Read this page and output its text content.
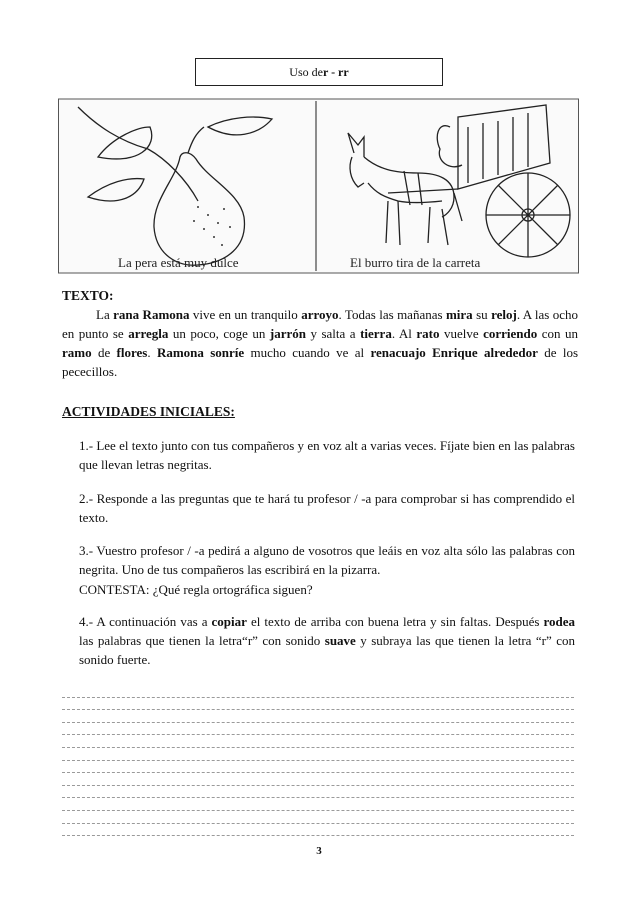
Uso de r - rr
La pera está muy dulce	El burro tira de la carreta
TEXTO:
La rana Ramona vive en un tranquilo arroyo. Todas las mañanas mira su reloj. A las ocho en punto se arregla un poco, coge un jarrón y salta a tierra. Al rato vuelve corriendo con un ramo de flores. Ramona sonríe mucho cuando ve al renacuajo Enrique alrededor de los pececillos.
ACTIVIDADES INICIALES:
1.- Lee el texto junto con tus compañeros y en voz alt a varias veces. Fíjate bien en las palabras que llevan letras negritas.
2.- Responde a las preguntas que te hará tu profesor / -a para comprobar si has comprendido el texto.
3.- Vuestro profesor / -a pedirá a alguno de vosotros que leáis en voz alta sólo las palabras con negrita. Uno de tus compañeros las escribirá en la pizarra.
CONTESTA: ¿Qué regla ortográfica siguen?
4.- A continuación vas a copiar el texto de arriba con buena letra y sin faltas. Después rodea las palabras que tienen la letra“r” con sonido suave y subraya las que tienen la letra “r” con sonido fuerte.
3
